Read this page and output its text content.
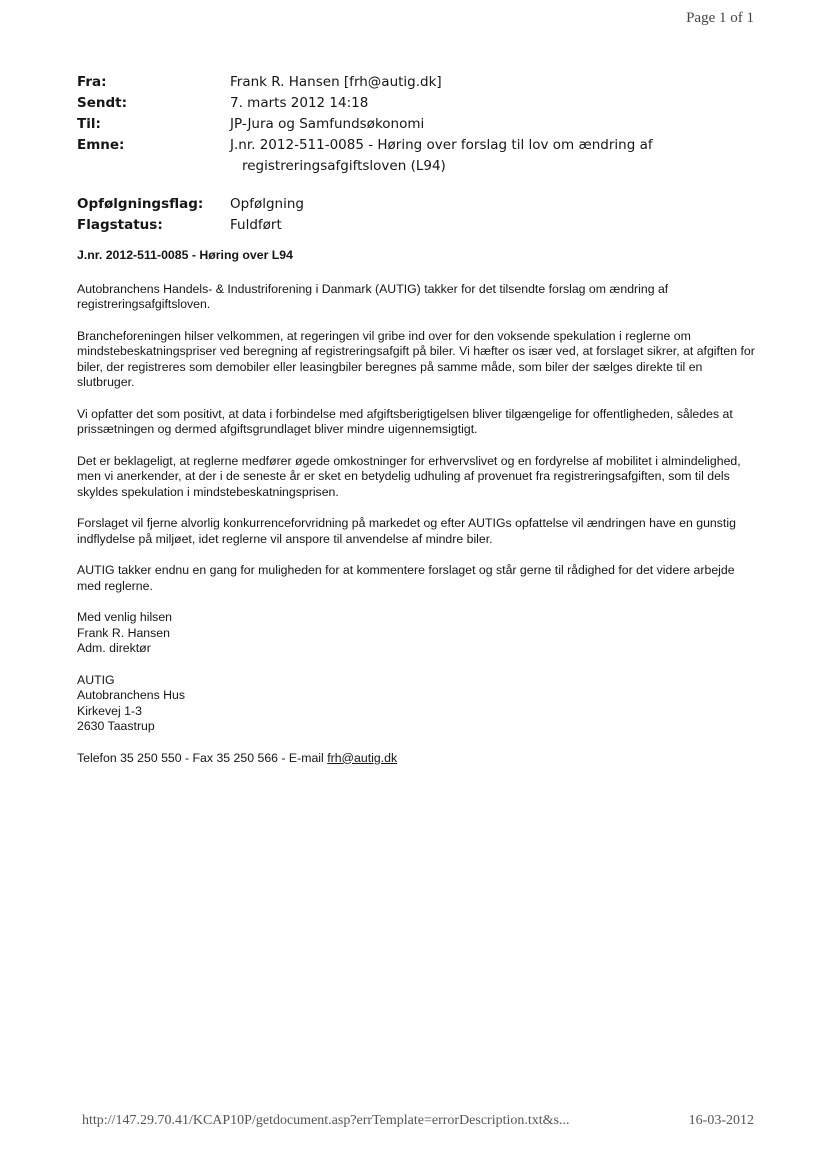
Page 1 of 1
Fra:	Frank R. Hansen [frh@autig.dk]
Sendt:	7. marts 2012 14:18
Til:	JP-Jura og Samfundsøkonomi
Emne:	J.nr. 2012-511-0085 - Høring over forslag til lov om ændring af
registreringsafgiftsloven (L94)
Opfølgningsflag:	Opfølgning
Flagstatus:	Fuldført

J.nr. 2012-511-0085 - Høring over L94

Autobranchens Handels- & Industriforening i Danmark (AUTIG) takker for det tilsendte forslag om ændring af registreringsafgiftsloven.

Brancheforeningen hilser velkommen, at regeringen vil gribe ind over for den voksende spekulation i reglerne om mindstebeskatningspriser ved beregning af registreringsafgift på biler. Vi hæfter os især ved, at forslaget sikrer, at afgiften for biler, der registreres som demobiler eller leasingbiler beregnes på samme måde, som biler der sælges direkte til en slutbruger.

Vi opfatter det som positivt, at data i forbindelse med afgiftsberigtigelsen bliver tilgængelige for offentligheden, således at prissætningen og dermed afgiftsgrundlaget bliver mindre uigennemsigtigt.

Det er beklageligt, at reglerne medfører øgede omkostninger for erhvervslivet og en fordyrelse af mobilitet i almindelighed, men vi anerkender, at der i de seneste år er sket en betydelig udhuling af provenuet fra registreringsafgiften, som til dels skyldes spekulation i mindstebeskatningsprisen.

Forslaget vil fjerne alvorlig konkurrenceforvridning på markedet og efter AUTIGs opfattelse vil ændringen have en gunstig indflydelse på miljøet, idet reglerne vil anspore til anvendelse af mindre biler.

AUTIG takker endnu en gang for muligheden for at kommentere forslaget og står gerne til rådighed for det videre arbejde med reglerne.

Med venlig hilsen
Frank R. Hansen
Adm. direktør

AUTIG
Autobranchens Hus
Kirkevej 1-3
2630 Taastrup

Telefon 35 250 550 - Fax 35 250 566 - E-mail frh@autig.dk

http://147.29.70.41/KCAP10P/getdocument.asp?errTemplate=errorDescription.txt&s...	16-03-2012
